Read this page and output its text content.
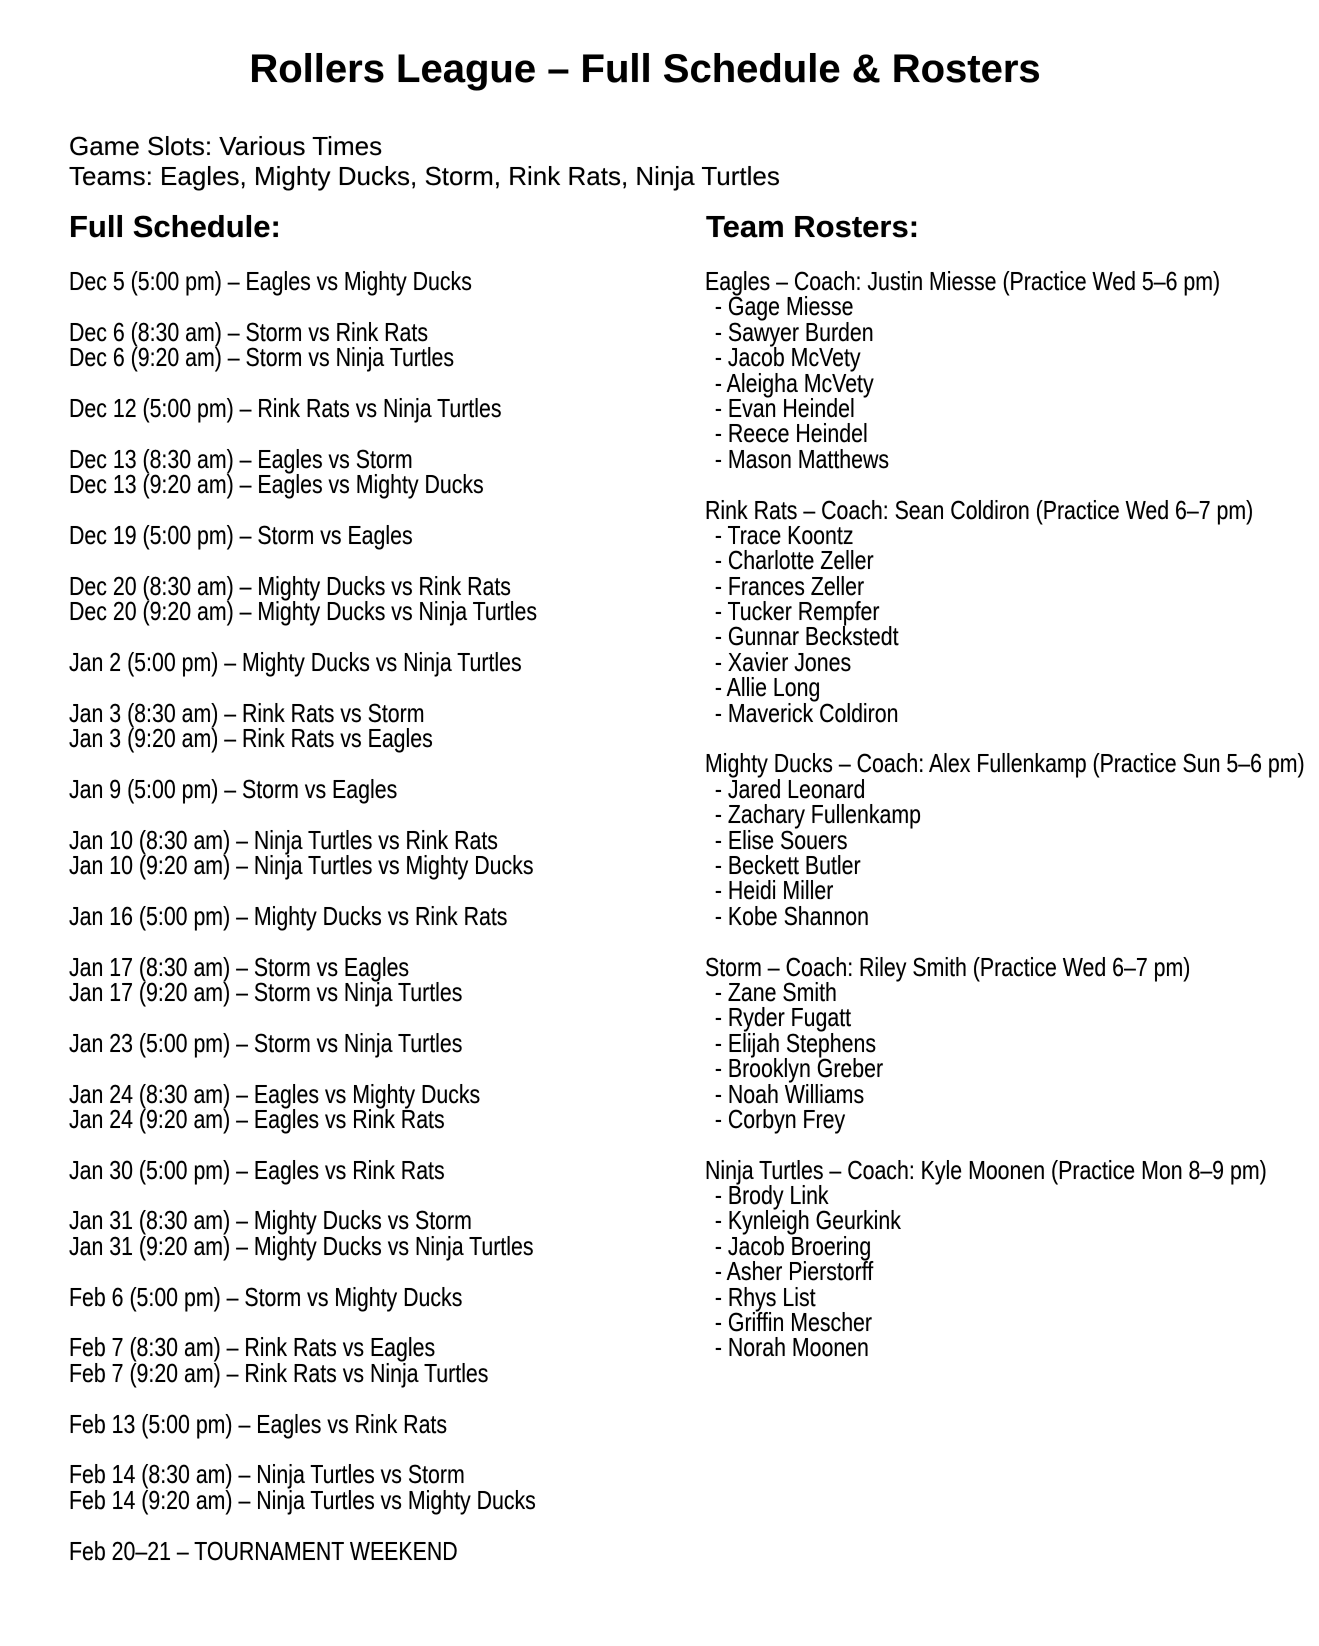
Rollers League – Full Schedule & Rosters
Game Slots: Various Times
Teams: Eagles, Mighty Ducks, Storm, Rink Rats, Ninja Turtles
Full Schedule:	Team Rosters:
Dec 5 (5:00 pm) – Eagles vs Mighty Ducks
Dec 6 (8:30 am) – Storm vs Rink Rats
Dec 6 (9:20 am) – Storm vs Ninja Turtles
Dec 12 (5:00 pm) – Rink Rats vs Ninja Turtles
Dec 13 (8:30 am) – Eagles vs Storm
Dec 13 (9:20 am) – Eagles vs Mighty Ducks
Dec 19 (5:00 pm) – Storm vs Eagles
Dec 20 (8:30 am) – Mighty Ducks vs Rink Rats
Dec 20 (9:20 am) – Mighty Ducks vs Ninja Turtles
Jan 2 (5:00 pm) – Mighty Ducks vs Ninja Turtles
Jan 3 (8:30 am) – Rink Rats vs Storm
Jan 3 (9:20 am) – Rink Rats vs Eagles
Jan 9 (5:00 pm) – Storm vs Eagles
Jan 10 (8:30 am) – Ninja Turtles vs Rink Rats
Jan 10 (9:20 am) – Ninja Turtles vs Mighty Ducks
Jan 16 (5:00 pm) – Mighty Ducks vs Rink Rats
Jan 17 (8:30 am) – Storm vs Eagles
Jan 17 (9:20 am) – Storm vs Ninja Turtles
Jan 23 (5:00 pm) – Storm vs Ninja Turtles
Jan 24 (8:30 am) – Eagles vs Mighty Ducks
Jan 24 (9:20 am) – Eagles vs Rink Rats
Jan 30 (5:00 pm) – Eagles vs Rink Rats
Jan 31 (8:30 am) – Mighty Ducks vs Storm
Jan 31 (9:20 am) – Mighty Ducks vs Ninja Turtles
Feb 6 (5:00 pm) – Storm vs Mighty Ducks
Feb 7 (8:30 am) – Rink Rats vs Eagles
Feb 7 (9:20 am) – Rink Rats vs Ninja Turtles
Feb 13 (5:00 pm) – Eagles vs Rink Rats
Feb 14 (8:30 am) – Ninja Turtles vs Storm
Feb 14 (9:20 am) – Ninja Turtles vs Mighty Ducks
Feb 20–21 – TOURNAMENT WEEKEND
Eagles – Coach: Justin Miesse (Practice Wed 5–6 pm)
- Gage Miesse
- Sawyer Burden
- Jacob McVety
- Aleigha McVety
- Evan Heindel
- Reece Heindel
- Mason Matthews
Rink Rats – Coach: Sean Coldiron (Practice Wed 6–7 pm)
- Trace Koontz
- Charlotte Zeller
- Frances Zeller
- Tucker Rempfer
- Gunnar Beckstedt
- Xavier Jones
- Allie Long
- Maverick Coldiron
Mighty Ducks – Coach: Alex Fullenkamp (Practice Sun 5–6 pm)
- Jared Leonard
- Zachary Fullenkamp
- Elise Souers
- Beckett Butler
- Heidi Miller
- Kobe Shannon
Storm – Coach: Riley Smith (Practice Wed 6–7 pm)
- Zane Smith
- Ryder Fugatt
- Elijah Stephens
- Brooklyn Greber
- Noah Williams
- Corbyn Frey
Ninja Turtles – Coach: Kyle Moonen (Practice Mon 8–9 pm)
- Brody Link
- Kynleigh Geurkink
- Jacob Broering
- Asher Pierstorff
- Rhys List
- Griffin Mescher
- Norah Moonen
